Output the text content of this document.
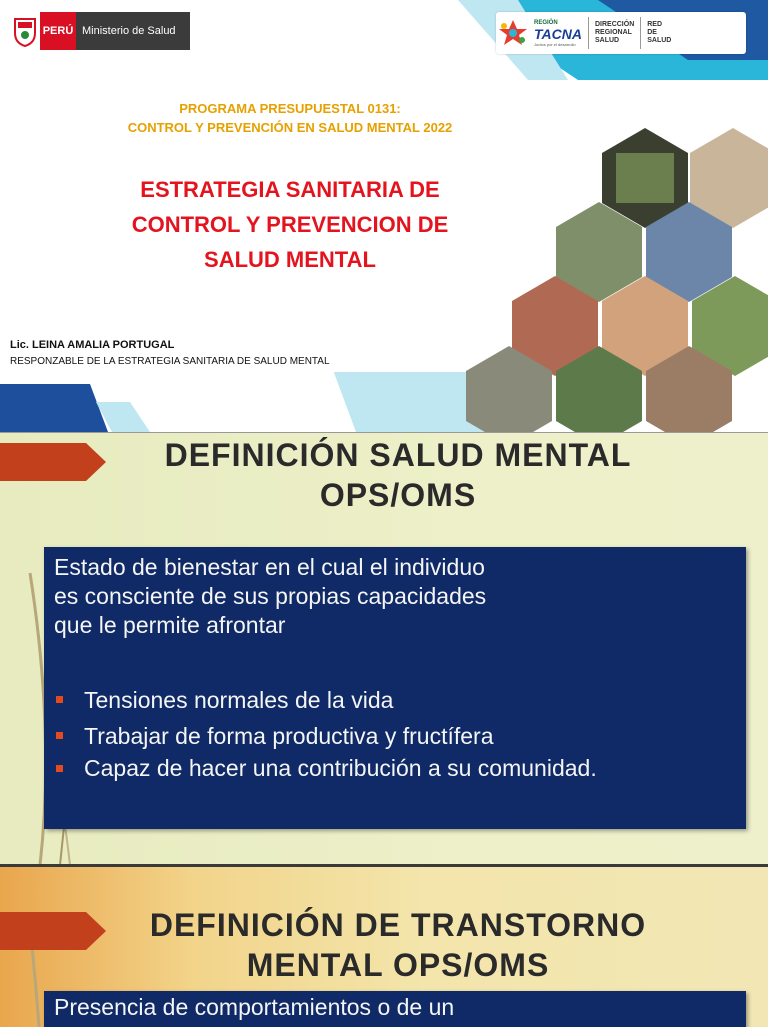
PERÚ Ministerio de Salud
REGIÓN
TACNA
Juntos por el desarrollo
DIRECCIÓN
REGIONAL
SALUD
RED
DE
SALUD
PROGRAMA PRESUPUESTAL 0131:
CONTROL Y PREVENCIÓN EN SALUD MENTAL 2022
ESTRATEGIA SANITARIA DE
CONTROL Y PREVENCION DE
SALUD MENTAL
Lic. LEINA AMALIA PORTUGAL
RESPONZABLE DE LA ESTRATEGIA SANITARIA DE SALUD MENTAL
DEFINICIÓN SALUD MENTAL
OPS/OMS

Estado de bienestar en el cual el individuo
es consciente de sus propias capacidades
que le permite afrontar

Tensiones normales de la vida
Trabajar de forma productiva y fructífera
Capaz de hacer una contribución a su comunidad.
DEFINICIÓN DE TRANSTORNO
MENTAL OPS/OMS

Presencia de comportamientos o de un
